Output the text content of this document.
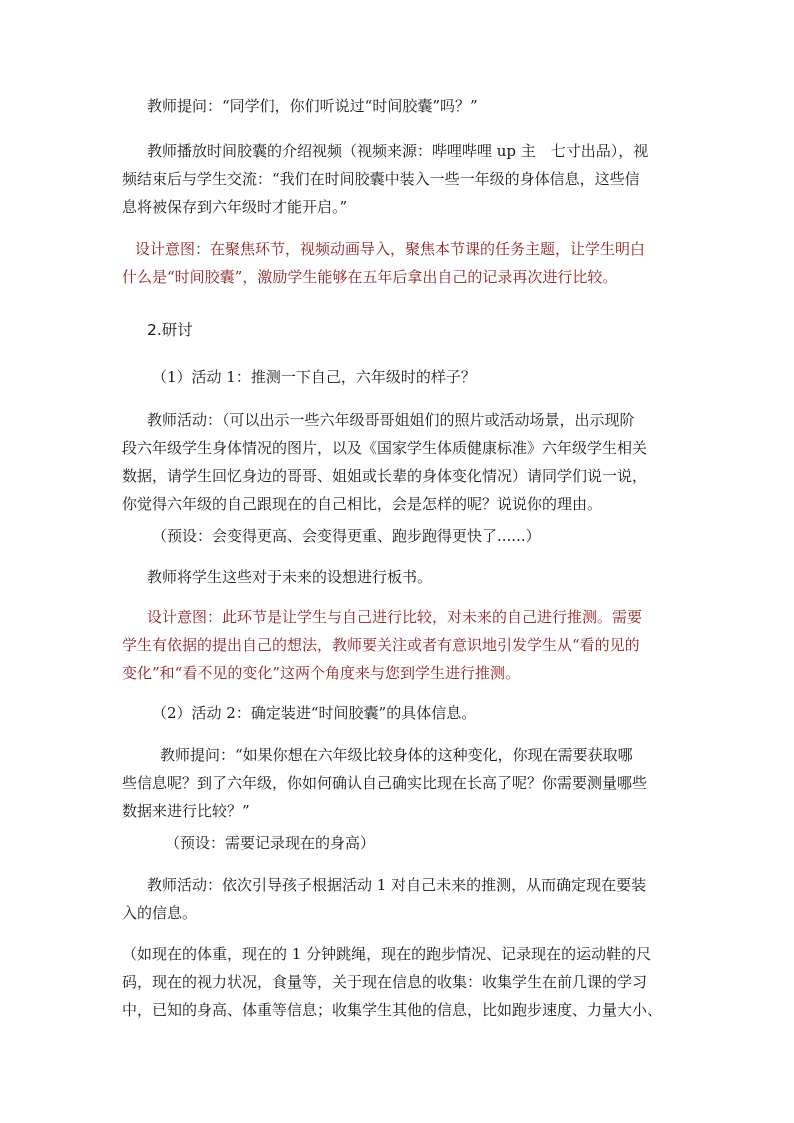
教师提问：“同学们，你们听说过“时间胶囊”吗？”

教师播放时间胶囊的介绍视频（视频来源：哔哩哔哩 up 主　七寸出品），视

频结束后与学生交流：“我们在时间胶囊中装入一些一年级的身体信息，这些信
息将被保存到六年级时才能开启。”

设计意图：在聚焦环节，视频动画导入，聚焦本节课的任务主题，让学生明白

什么是“时间胶囊”，激励学生能够在五年后拿出自己的记录再次进行比较。

2.研讨

（1）活动 1：推测一下自己，六年级时的样子？

教师活动：（可以出示一些六年级哥哥姐姐们的照片或活动场景，出示现阶

段六年级学生身体情况的图片，以及《国家学生体质健康标准》六年级学生相关
数据，请学生回忆身边的哥哥、姐姐或长辈的身体变化情况）请同学们说一说，
你觉得六年级的自己跟现在的自己相比，会是怎样的呢？说说你的理由。

（预设：会变得更高、会变得更重、跑步跑得更快了......）

教师将学生这些对于未来的设想进行板书。

设计意图：此环节是让学生与自己进行比较，对未来的自己进行推测。需要

学生有依据的提出自己的想法，教师要关注或者有意识地引发学生从“看的见的
变化”和“看不见的变化”这两个角度来与您到学生进行推测。

（2）活动 2：确定装进“时间胶囊”的具体信息。

教师提问：“如果你想在六年级比较身体的这种变化，你现在需要获取哪

些信息呢？到了六年级，你如何确认自己确实比现在长高了呢？你需要测量哪些
数据来进行比较？”

（预设：需要记录现在的身高）

教师活动：依次引导孩子根据活动 1 对自己未来的推测，从而确定现在要装

入的信息。

（如现在的体重，现在的 1 分钟跳绳，现在的跑步情况、记录现在的运动鞋的尺
码，现在的视力状况，食量等，关于现在信息的收集：收集学生在前几课的学习
中，已知的身高、体重等信息；收集学生其他的信息，比如跑步速度、力量大小、
